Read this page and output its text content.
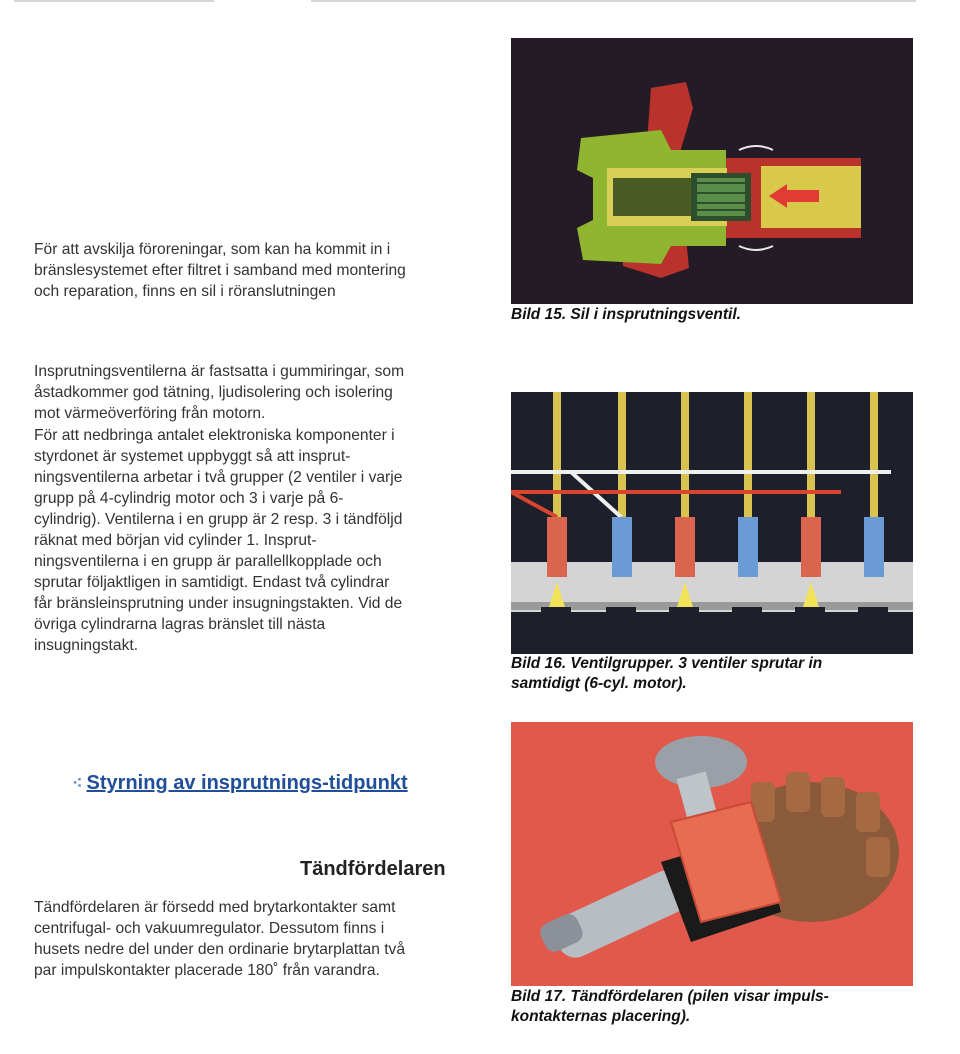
Bild 15. Sil i insprutningsventil.

För att avskilja föroreningar, som kan ha kommit in i
bränslesystemet efter filtret i samband med montering
och reparation, finns en sil i röranslutningen

Insprutningsventilerna är fastsatta i gummiringar, som
åstadkommer god tätning, ljudisolering och isolering
mot värmeöverföring från motorn.

För att nedbringa antalet elektroniska komponenter i
styrdonet är systemet uppbyggt så att insprut-
ningsventilerna arbetar i två grupper (2 ventiler i varje
grupp på 4-cylindrig motor och 3 i varje på 6-
cylindrig). Ventilerna i en grupp är 2 resp. 3 i tändföljd
räknat med början vid cylinder 1. Insprut-
ningsventilerna i en grupp är parallellkopplade och
sprutar följaktligen in samtidigt. Endast två cylindrar
får bränsleinsprutning under insugningstakten. Vid de
övriga cylindrarna lagras bränslet till nästa
insugningstakt.

Bild 16. Ventilgrupper. 3 ventiler sprutar in
samtidigt (6-cyl. motor).

Bild 17. Tändfördelaren (pilen visar impuls-
kontakternas placering).

⁖ Styrning av insprutnings-tidpunkt
Tändfördelaren

Tändfördelaren är försedd med brytarkontakter samt
centrifugal- och vakuumregulator. Dessutom finns i
husets nedre del under den ordinarie brytarplattan två
par impulskontakter placerade 180˚ från varandra.
